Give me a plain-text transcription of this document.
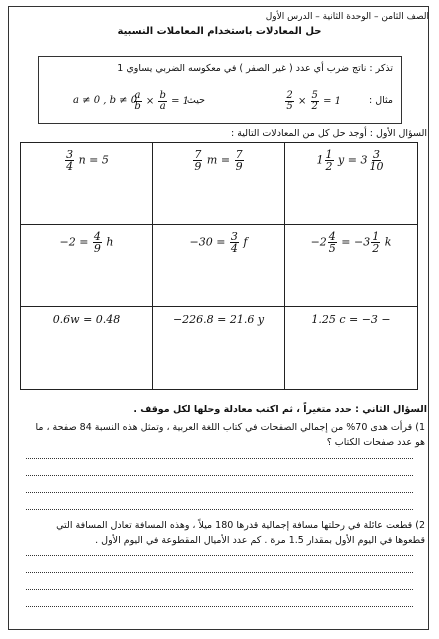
الصف الثامن – الوحدة الثانية – الدرس الأول
حل المعادلات باستخدام المعاملات النسبية
تذكر : ناتج ضرب أي عدد ( غير الصفر ) في معكوسه الضربي يساوي 1
مثال :
$\frac{2}{5} \times \frac{5}{2} = 1$
$\frac{a}{b} \times \frac{b}{a} = 1$
حيث
a ≠ 0 , b ≠ 0
السؤال الأول : أوجد حل كل من المعادلات التالية :
$\frac{3}{4}$ n = 5	$\frac{7}{9}$ $m = \frac{7}{9}$	$1 \frac{1}{2}$ $y = 3 \frac{3}{10}$
$-2 = \frac{4}{9}$ h	$-30 = \frac{3}{4}$ f	$-2 \frac{4}{5} = -3 \frac{1}{2}$ k
0.6w = 0.48	−226.8 = 21.6 y	1.25 c = −3 −
السؤال الثاني : حدد متغيراً ، ثم اكتب معادلة وحلها لكل موقف .
1) قرأت هدى 70% من إجمالي الصفحات في كتاب اللغة العربية ، وتمثل هذه النسبة 84 صفحة ، ما هو عدد صفحات الكتاب ؟
2) قطعت عائلة في رحلتها مسافة إجمالية قدرها 180 ميلاً ، وهذه المسافة تعادل المسافة التي قطعوها في اليوم الأول بمقدار 1.5 مرة . كم عدد الأميال المقطوعة في اليوم الأول .
